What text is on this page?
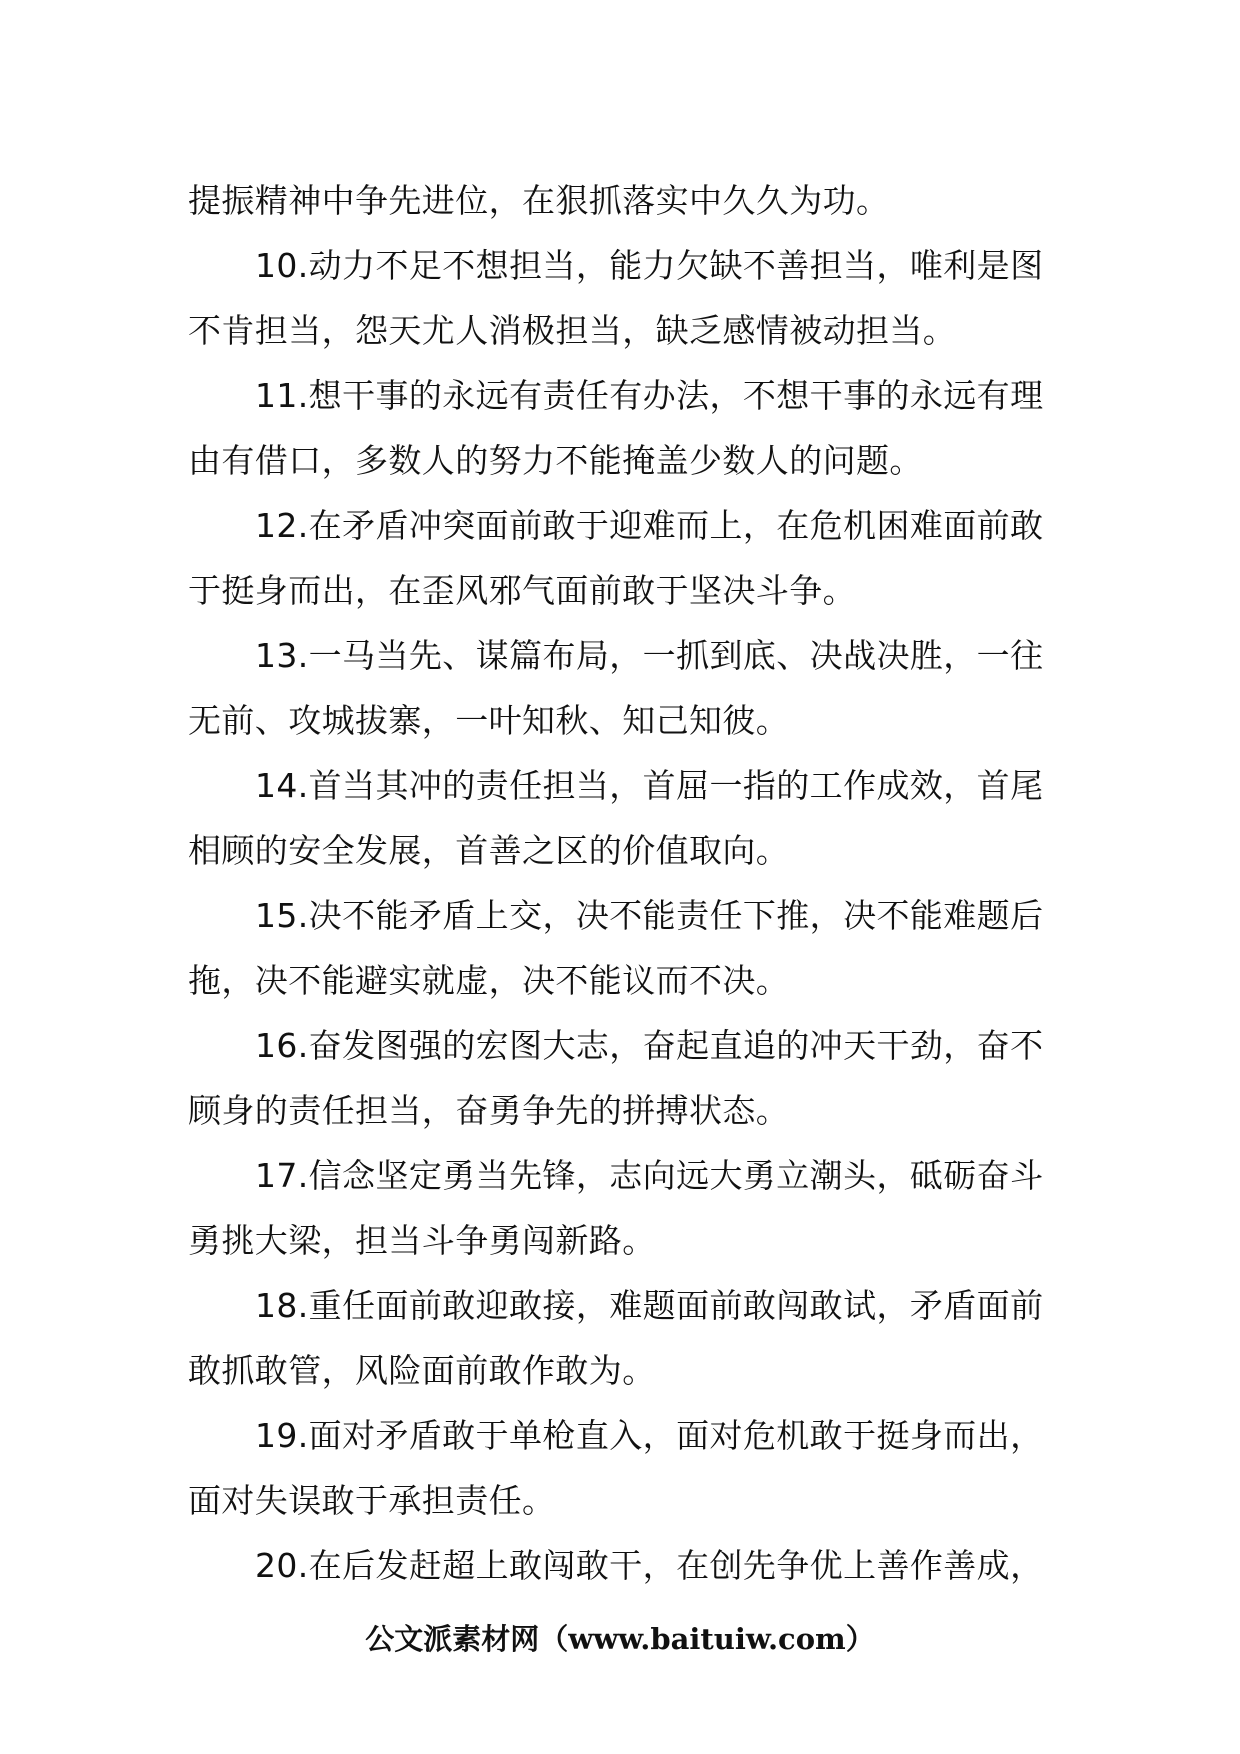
提振精神中争先进位，在狠抓落实中久久为功。

10.动力不足不想担当，能力欠缺不善担当，唯利是图不肯担当，怨天尤人消极担当，缺乏感情被动担当。

11.想干事的永远有责任有办法，不想干事的永远有理由有借口，多数人的努力不能掩盖少数人的问题。

12.在矛盾冲突面前敢于迎难而上，在危机困难面前敢于挺身而出，在歪风邪气面前敢于坚决斗争。

13.一马当先、谋篇布局，一抓到底、决战决胜，一往无前、攻城拔寨，一叶知秋、知己知彼。

14.首当其冲的责任担当，首屈一指的工作成效，首尾相顾的安全发展，首善之区的价值取向。

15.决不能矛盾上交，决不能责任下推，决不能难题后拖，决不能避实就虚，决不能议而不决。

16.奋发图强的宏图大志，奋起直追的冲天干劲，奋不顾身的责任担当，奋勇争先的拼搏状态。

17.信念坚定勇当先锋，志向远大勇立潮头，砥砺奋斗勇挑大梁，担当斗争勇闯新路。

18.重任面前敢迎敢接，难题面前敢闯敢试，矛盾面前敢抓敢管，风险面前敢作敢为。

19.面对矛盾敢于单枪直入，面对危机敢于挺身而出，面对失误敢于承担责任。

20.在后发赶超上敢闯敢干，在创先争优上善作善成，

公文派素材网（www.baituiw.com）
